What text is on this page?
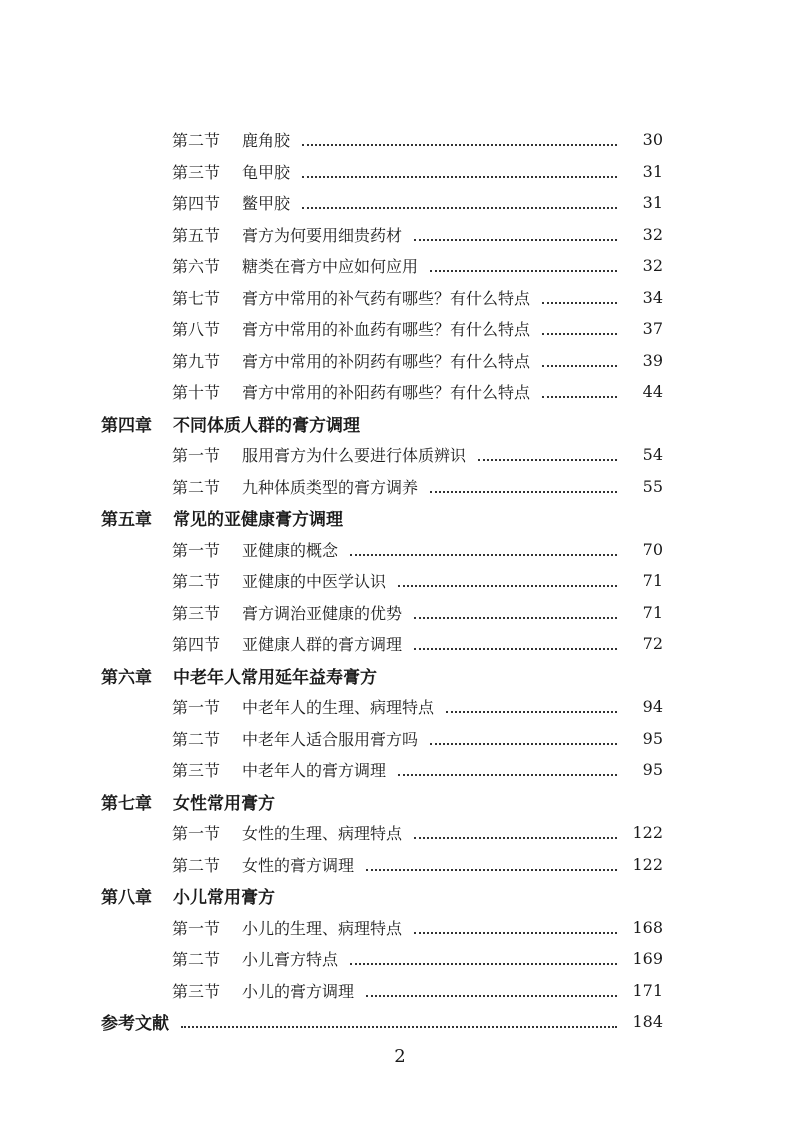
第二节	鹿角胶	30
第三节	龟甲胶	31
第四节	鳖甲胶	31
第五节	膏方为何要用细贵药材	32
第六节	糖类在膏方中应如何应用	32
第七节	膏方中常用的补气药有哪些？有什么特点	34
第八节	膏方中常用的补血药有哪些？有什么特点	37
第九节	膏方中常用的补阴药有哪些？有什么特点	39
第十节	膏方中常用的补阳药有哪些？有什么特点	44
第四章	不同体质人群的膏方调理
第一节	服用膏方为什么要进行体质辨识	54
第二节	九种体质类型的膏方调养	55
第五章	常见的亚健康膏方调理
第一节	亚健康的概念	70
第二节	亚健康的中医学认识	71
第三节	膏方调治亚健康的优势	71
第四节	亚健康人群的膏方调理	72
第六章	中老年人常用延年益寿膏方
第一节	中老年人的生理、病理特点	94
第二节	中老年人适合服用膏方吗	95
第三节	中老年人的膏方调理	95
第七章	女性常用膏方
第一节	女性的生理、病理特点	122
第二节	女性的膏方调理	122
第八章	小儿常用膏方
第一节	小儿的生理、病理特点	168
第二节	小儿膏方特点	169
第三节	小儿的膏方调理	171
参考文献	184
2
